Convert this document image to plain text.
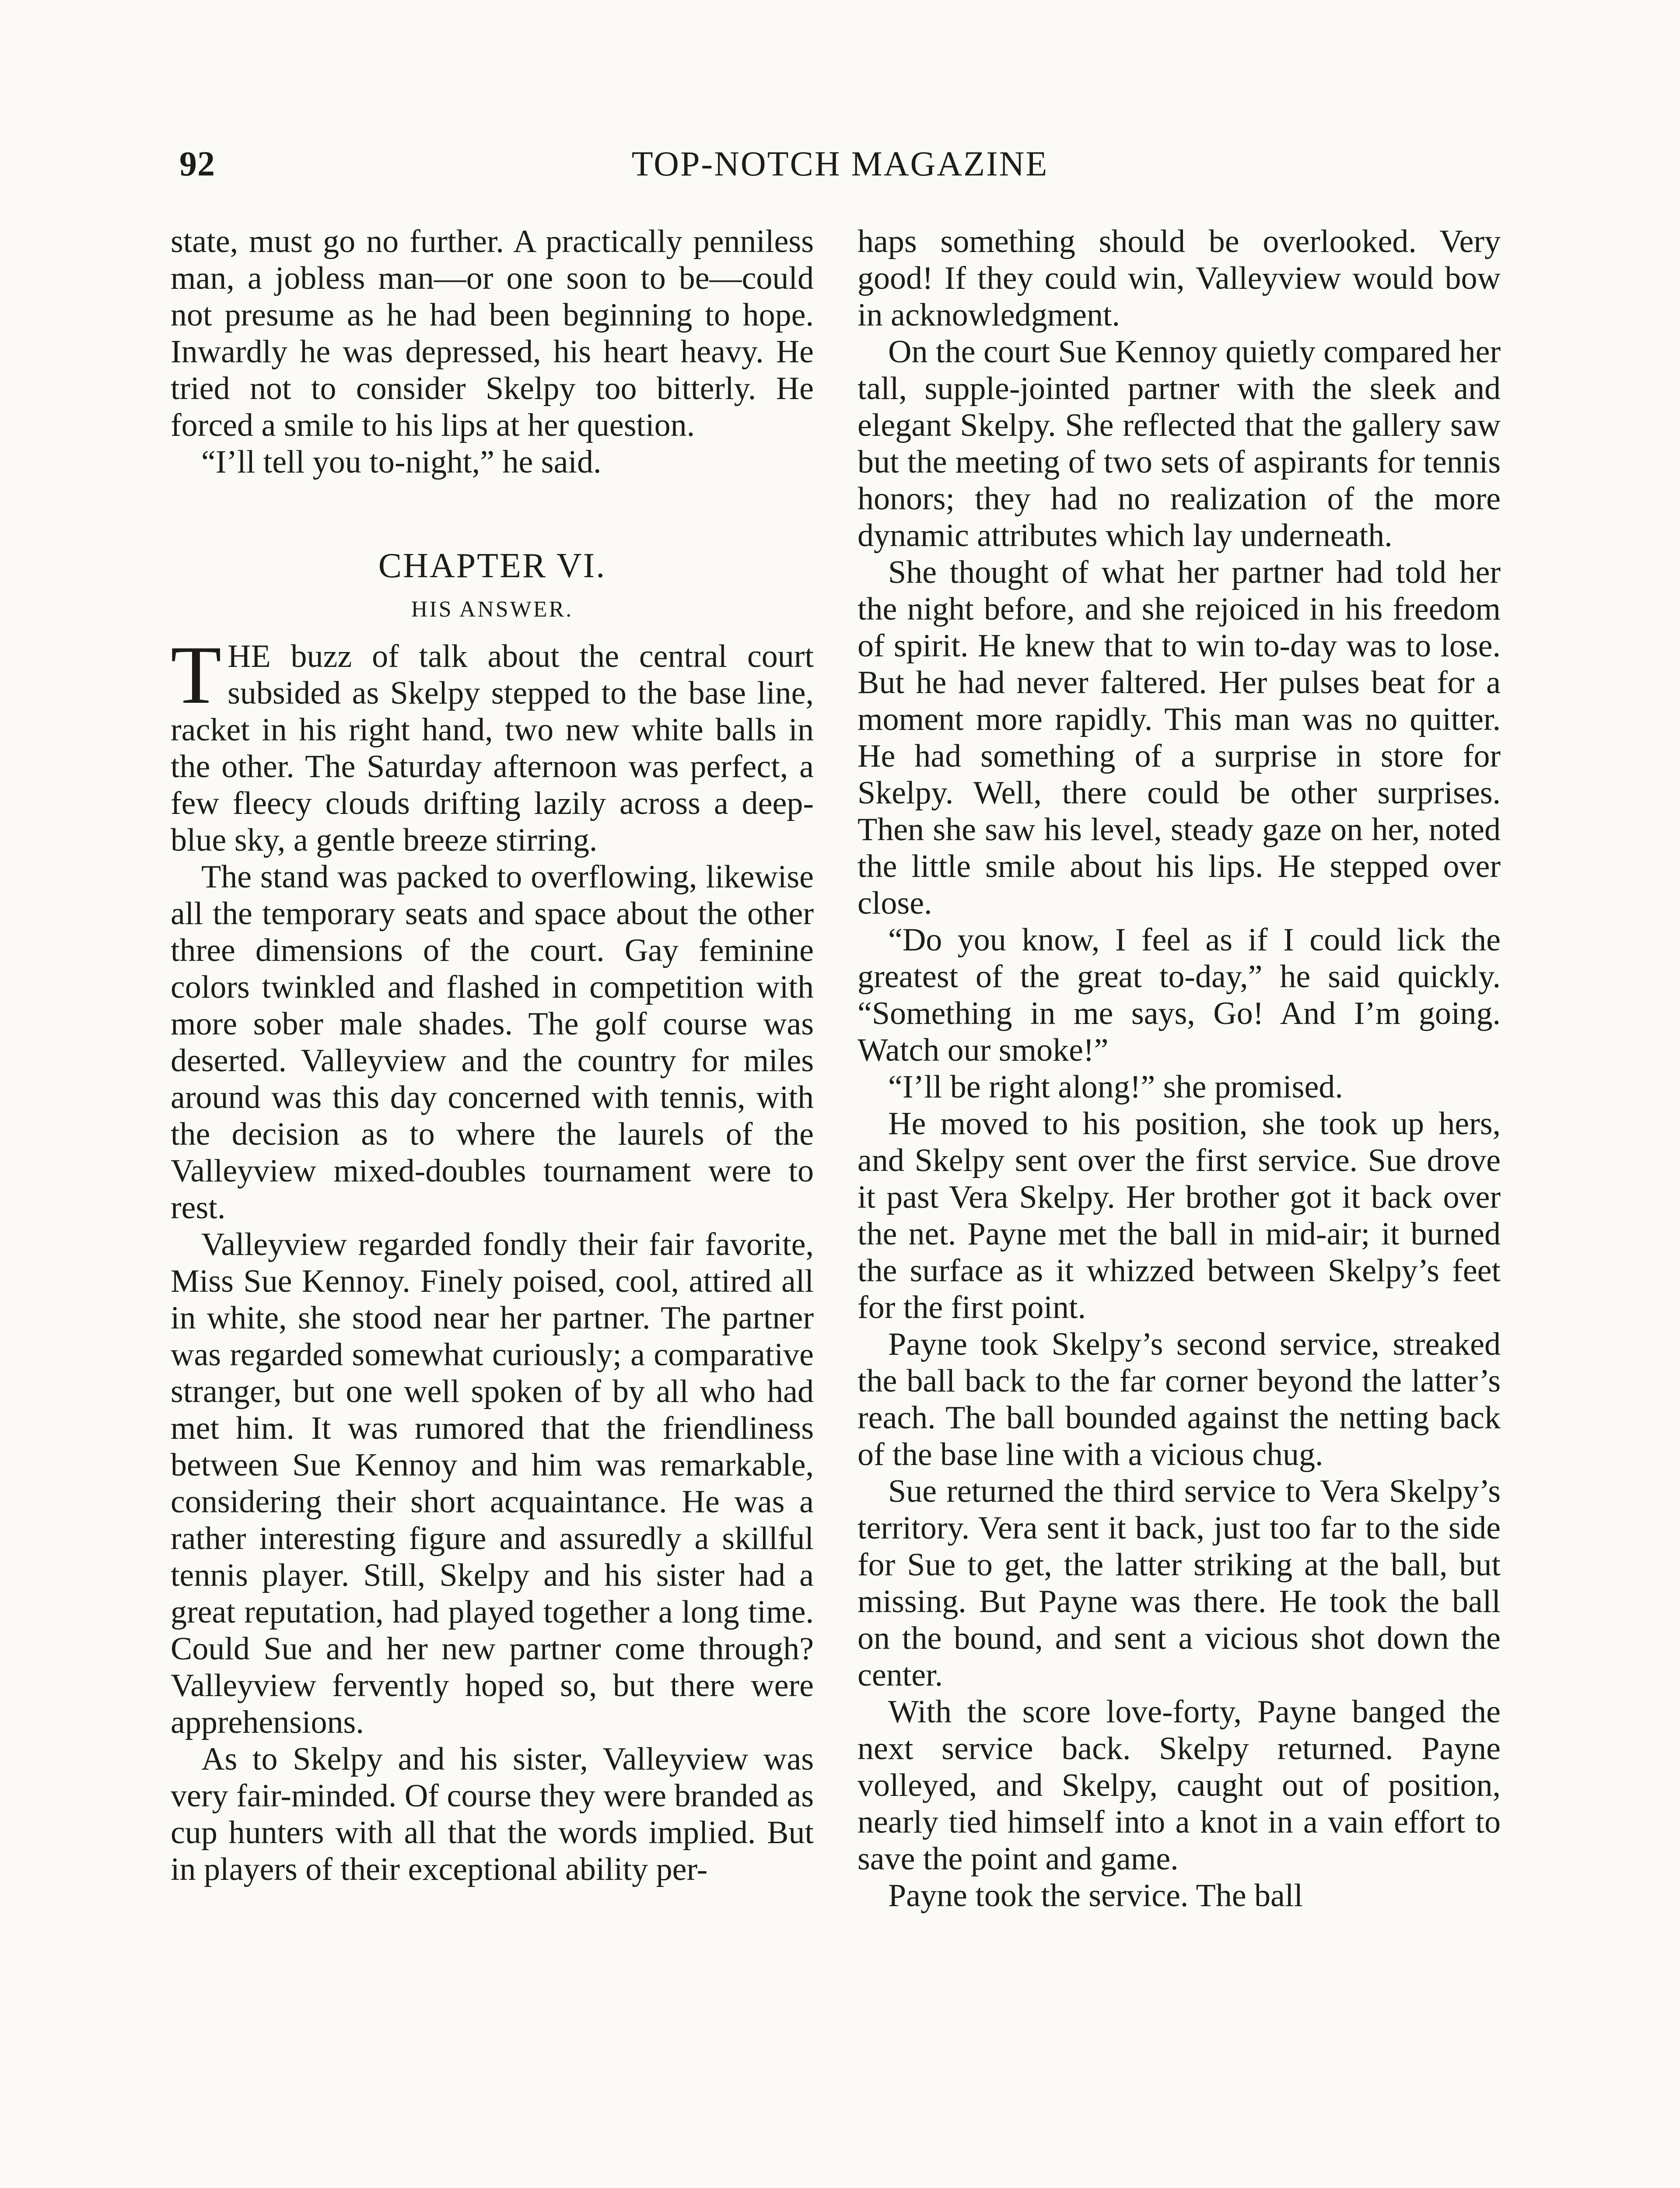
92	TOP-NOTCH MAGAZINE

state, must go no further. A practically penniless man, a jobless man—or one soon to be—could not presume as he had been beginning to hope. Inwardly he was depressed, his heart heavy. He tried not to consider Skelpy too bitterly. He forced a smile to his lips at her question.

“I’ll tell you to-night,” he said.

CHAPTER VI.
HIS ANSWER.

THE buzz of talk about the central court subsided as Skelpy stepped to the base line, racket in his right hand, two new white balls in the other. The Saturday afternoon was perfect, a few fleecy clouds drifting lazily across a deep-blue sky, a gentle breeze stirring.

The stand was packed to overflowing, likewise all the temporary seats and space about the other three dimensions of the court. Gay feminine colors twinkled and flashed in competition with more sober male shades. The golf course was deserted. Valleyview and the country for miles around was this day concerned with tennis, with the decision as to where the laurels of the Valleyview mixed-doubles tournament were to rest.

Valleyview regarded fondly their fair favorite, Miss Sue Kennoy. Finely poised, cool, attired all in white, she stood near her partner. The partner was regarded somewhat curiously; a comparative stranger, but one well spoken of by all who had met him. It was rumored that the friendliness between Sue Kennoy and him was remarkable, considering their short acquaintance. He was a rather interesting figure and assuredly a skillful tennis player. Still, Skelpy and his sister had a great reputation, had played together a long time. Could Sue and her new partner come through? Valleyview fervently hoped so, but there were apprehensions.

As to Skelpy and his sister, Valleyview was very fair-minded. Of course they were branded as cup hunters with all that the words implied. But in players of their exceptional ability per-

haps something should be overlooked. Very good! If they could win, Valleyview would bow in acknowledgment.

On the court Sue Kennoy quietly compared her tall, supple-jointed partner with the sleek and elegant Skelpy. She reflected that the gallery saw but the meeting of two sets of aspirants for tennis honors; they had no realization of the more dynamic attributes which lay underneath.

She thought of what her partner had told her the night before, and she rejoiced in his freedom of spirit. He knew that to win to-day was to lose. But he had never faltered. Her pulses beat for a moment more rapidly. This man was no quitter. He had something of a surprise in store for Skelpy. Well, there could be other surprises. Then she saw his level, steady gaze on her, noted the little smile about his lips. He stepped over close.

“Do you know, I feel as if I could lick the greatest of the great to-day,” he said quickly. “Something in me says, Go! And I’m going. Watch our smoke!”

“I’ll be right along!” she promised.

He moved to his position, she took up hers, and Skelpy sent over the first service. Sue drove it past Vera Skelpy. Her brother got it back over the net. Payne met the ball in mid-air; it burned the surface as it whizzed between Skelpy’s feet for the first point.

Payne took Skelpy’s second service, streaked the ball back to the far corner beyond the latter’s reach. The ball bounded against the netting back of the base line with a vicious chug.

Sue returned the third service to Vera Skelpy’s territory. Vera sent it back, just too far to the side for Sue to get, the latter striking at the ball, but missing. But Payne was there. He took the ball on the bound, and sent a vicious shot down the center.

With the score love-forty, Payne banged the next service back. Skelpy returned. Payne volleyed, and Skelpy, caught out of position, nearly tied himself into a knot in a vain effort to save the point and game.

Payne took the service. The ball
